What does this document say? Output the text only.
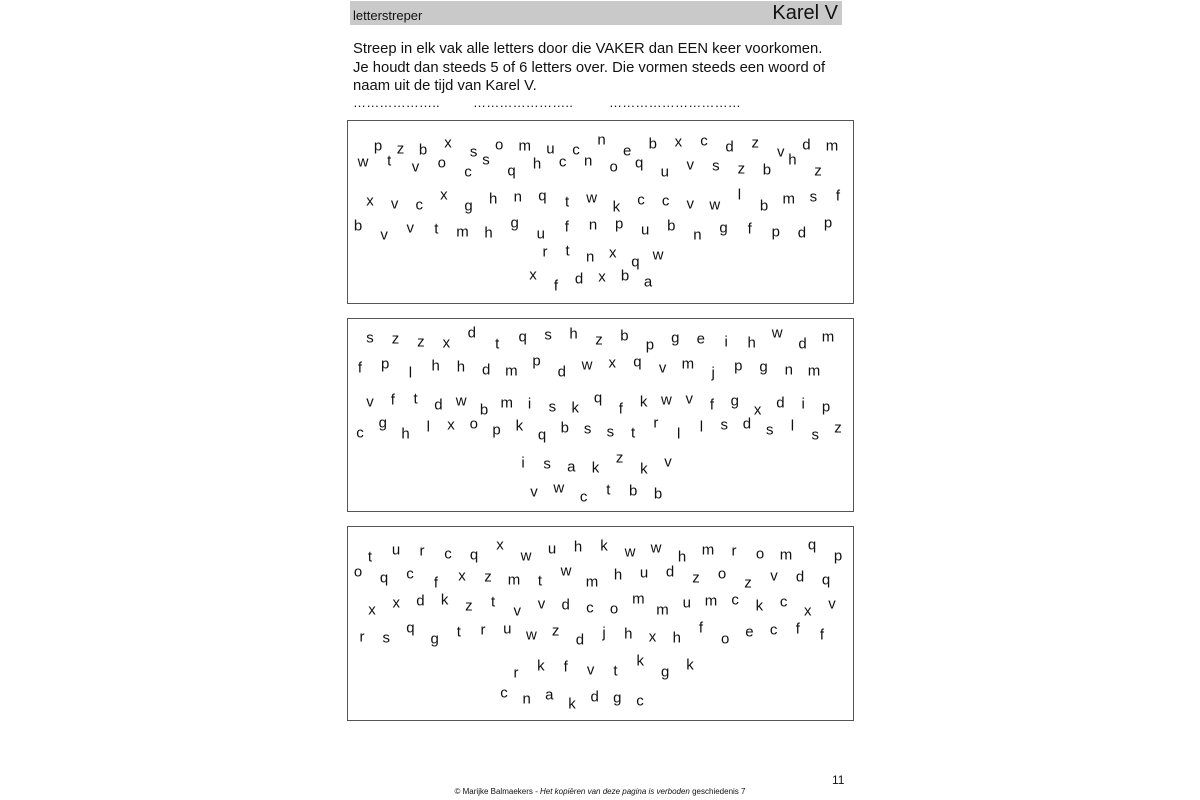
letterstreper	Karel V
Streep in elk vak alle letters door die VAKER dan EEN keer voorkomen.
Je houdt dan steeds 5 of 6 letters over. Die vormen steeds een woord of
naam uit de tijd van Karel V.
………………..	…………………..	…………………………
p z b x
s o m u c
n
e b x c d z
v d m
w t v o
c
s
q h c n o q
u v s z b
h
z
x v c
x
g h n q t w
k c c v w
l
b m s f
b
v v t m h
g
u f n p u b
n g f p d
p
r t n x
q w
x
f d x b a
s z z x
d
t q s h z b
p g e i h
w
d m
f p
l h h d m
p
d w x q v m
j p g n m
v f t d w
b m i s k
q
f k w v f g
x d i p
c
g
h l x o p k
q b s s t
r
l l s d s l
s z
i s a k
z
k v
v w
c t b b
t u r c q
x
w u h k w w
h m r o m
q
p
o q c
f x z m t
w
m h u d z o
z v d q
x x d k z t
v v d c o
m
m u m c k c
x v
r s
q
g t r u w z
d j h x h
f
o e c f f
r k f v t
k
g k
c n a
k d g c
11
© Marijke Balmaekers - Het kopiëren van deze pagina is verboden geschiedenis 7
